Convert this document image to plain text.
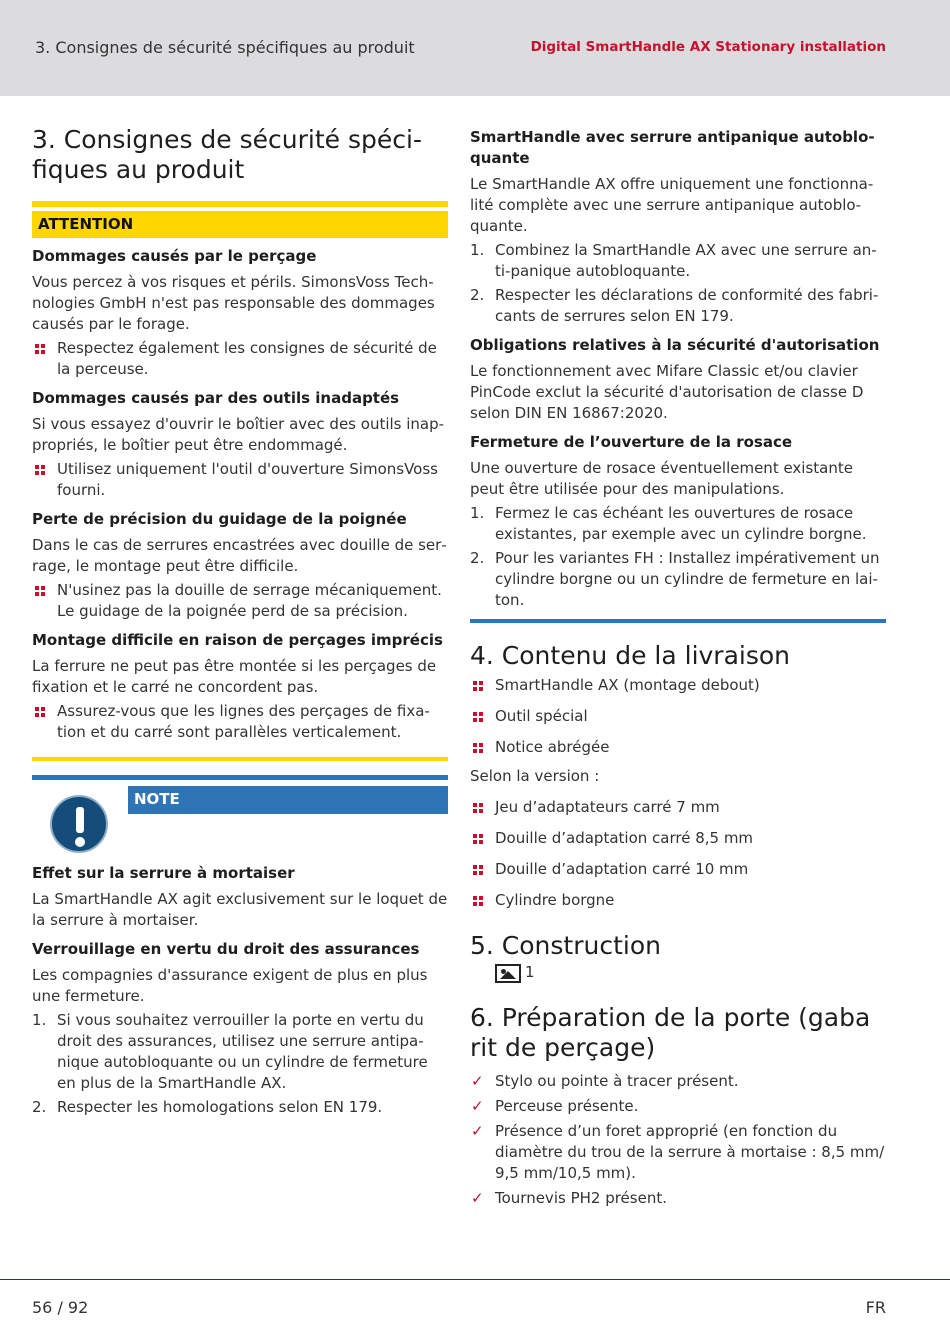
3. Consignes de sécurité spécifiques au produit	Digital SmartHandle AX Stationary installation
3. Consignes de sécurité spéci-
fiques au produit
ATTENTION
Dommages causés par le perçage

Vous percez à vos risques et périls. SimonsVoss Technologies GmbH n'est pas responsable des dommages causés par le forage.

Respectez également les consignes de sécurité de la perceuse.
Dommages causés par des outils inadaptés

Si vous essayez d'ouvrir le boîtier avec des outils inappropriés, le boîtier peut être endommagé.

Utilisez uniquement l'outil d'ouverture SimonsVoss fourni.
Perte de précision du guidage de la poignée

Dans le cas de serrures encastrées avec douille de serrage, le montage peut être difficile.

N'usinez pas la douille de serrage mécaniquement. Le guidage de la poignée perd de sa précision.
Montage difficile en raison de perçages imprécis

La ferrure ne peut pas être montée si les perçages de fixation et le carré ne concordent pas.

Assurez-vous que les lignes des perçages de fixation et du carré sont parallèles verticalement.
NOTE
Effet sur la serrure à mortaiser

La SmartHandle AX agit exclusivement sur le loquet de la serrure à mortaiser.

Verrouillage en vertu du droit des assurances

Les compagnies d'assurance exigent de plus en plus une fermeture.

1. Si vous souhaitez verrouiller la porte en vertu du droit des assurances, utilisez une serrure antipanique autobloquante ou un cylindre de fermeture en plus de la SmartHandle AX.
2. Respecter les homologations selon EN 179.
SmartHandle avec serrure antipanique autobloquante

Le SmartHandle AX offre uniquement une fonctionnalité complète avec une serrure antipanique autobloquante.

1. Combinez la SmartHandle AX avec une serrure anti-panique autobloquante.
2. Respecter les déclarations de conformité des fabricants de serrures selon EN 179.
Obligations relatives à la sécurité d'autorisation

Le fonctionnement avec Mifare Classic et/ou clavier PinCode exclut la sécurité d'autorisation de classe D selon DIN EN 16867:2020.

Fermeture de l’ouverture de la rosace

Une ouverture de rosace éventuellement existante peut être utilisée pour des manipulations.

1. Fermez le cas échéant les ouvertures de rosace existantes, par exemple avec un cylindre borgne.
2. Pour les variantes FH : Installez impérativement un cylindre borgne ou un cylindre de fermeture en laiton.
4. Contenu de la livraison
SmartHandle AX (montage debout)
Outil spécial
Notice abrégée

Selon la version :

Jeu d’adaptateurs carré 7 mm
Douille d’adaptation carré 8,5 mm
Douille d’adaptation carré 10 mm
Cylindre borgne
5. Construction
1
6. Préparation de la porte (gaba
rit de perçage)
✓ Stylo ou pointe à tracer présent.
✓ Perceuse présente.
✓ Présence d’un foret approprié (en fonction du diamètre du trou de la serrure à mortaise : 8,5 mm/ 9,5 mm/10,5 mm).
✓ Tournevis PH2 présent.
56 / 92	FR
